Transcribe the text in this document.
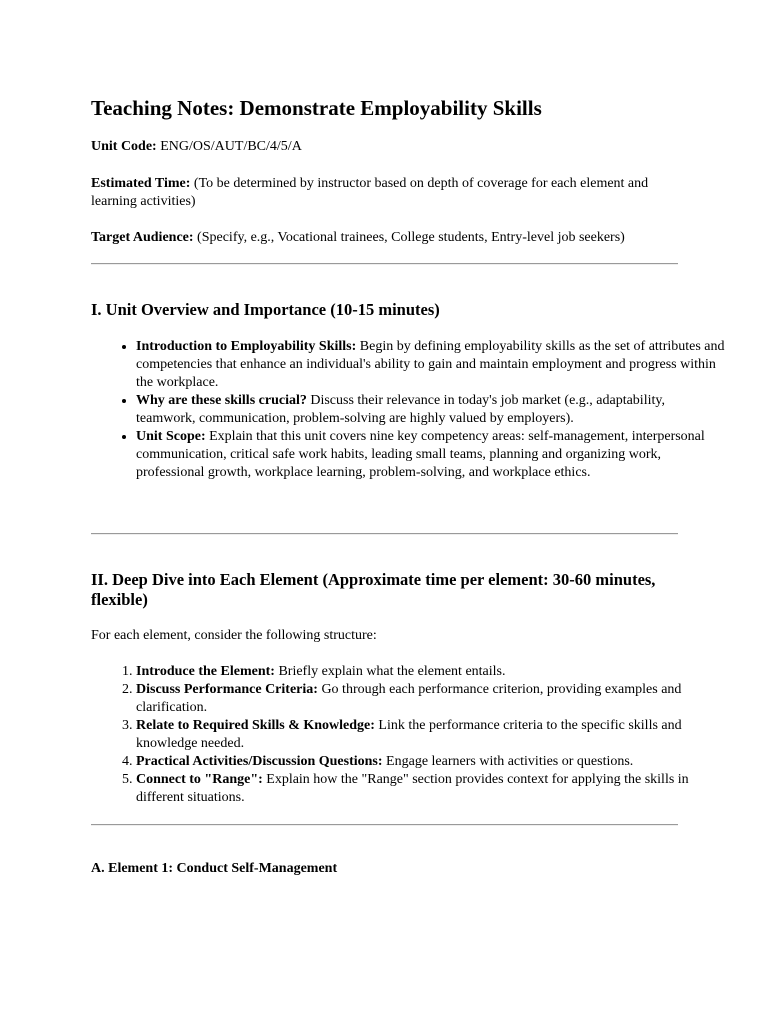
Teaching Notes: Demonstrate Employability Skills

Unit Code: ENG/OS/AUT/BC/4/5/A

Estimated Time: (To be determined by instructor based on depth of coverage for each element and learning activities)

Target Audience: (Specify, e.g., Vocational trainees, College students, Entry-level job seekers)

I. Unit Overview and Importance (10-15 minutes)
• Introduction to Employability Skills: Begin by defining employability skills as the set of attributes and competencies that enhance an individual's ability to gain and maintain employment and progress within the workplace.
• Why are these skills crucial? Discuss their relevance in today's job market (e.g., adaptability, teamwork, communication, problem-solving are highly valued by employers).
• Unit Scope: Explain that this unit covers nine key competency areas: self-management, interpersonal communication, critical safe work habits, leading small teams, planning and organizing work, professional growth, workplace learning, problem-solving, and workplace ethics.
II. Deep Dive into Each Element (Approximate time per element: 30-60 minutes, flexible)

For each element, consider the following structure:

1. Introduce the Element: Briefly explain what the element entails.
2. Discuss Performance Criteria: Go through each performance criterion, providing examples and clarification.
3. Relate to Required Skills & Knowledge: Link the performance criteria to the specific skills and knowledge needed.
4. Practical Activities/Discussion Questions: Engage learners with activities or questions.
5. Connect to "Range": Explain how the "Range" section provides context for applying the skills in different situations.
A. Element 1: Conduct Self-Management
